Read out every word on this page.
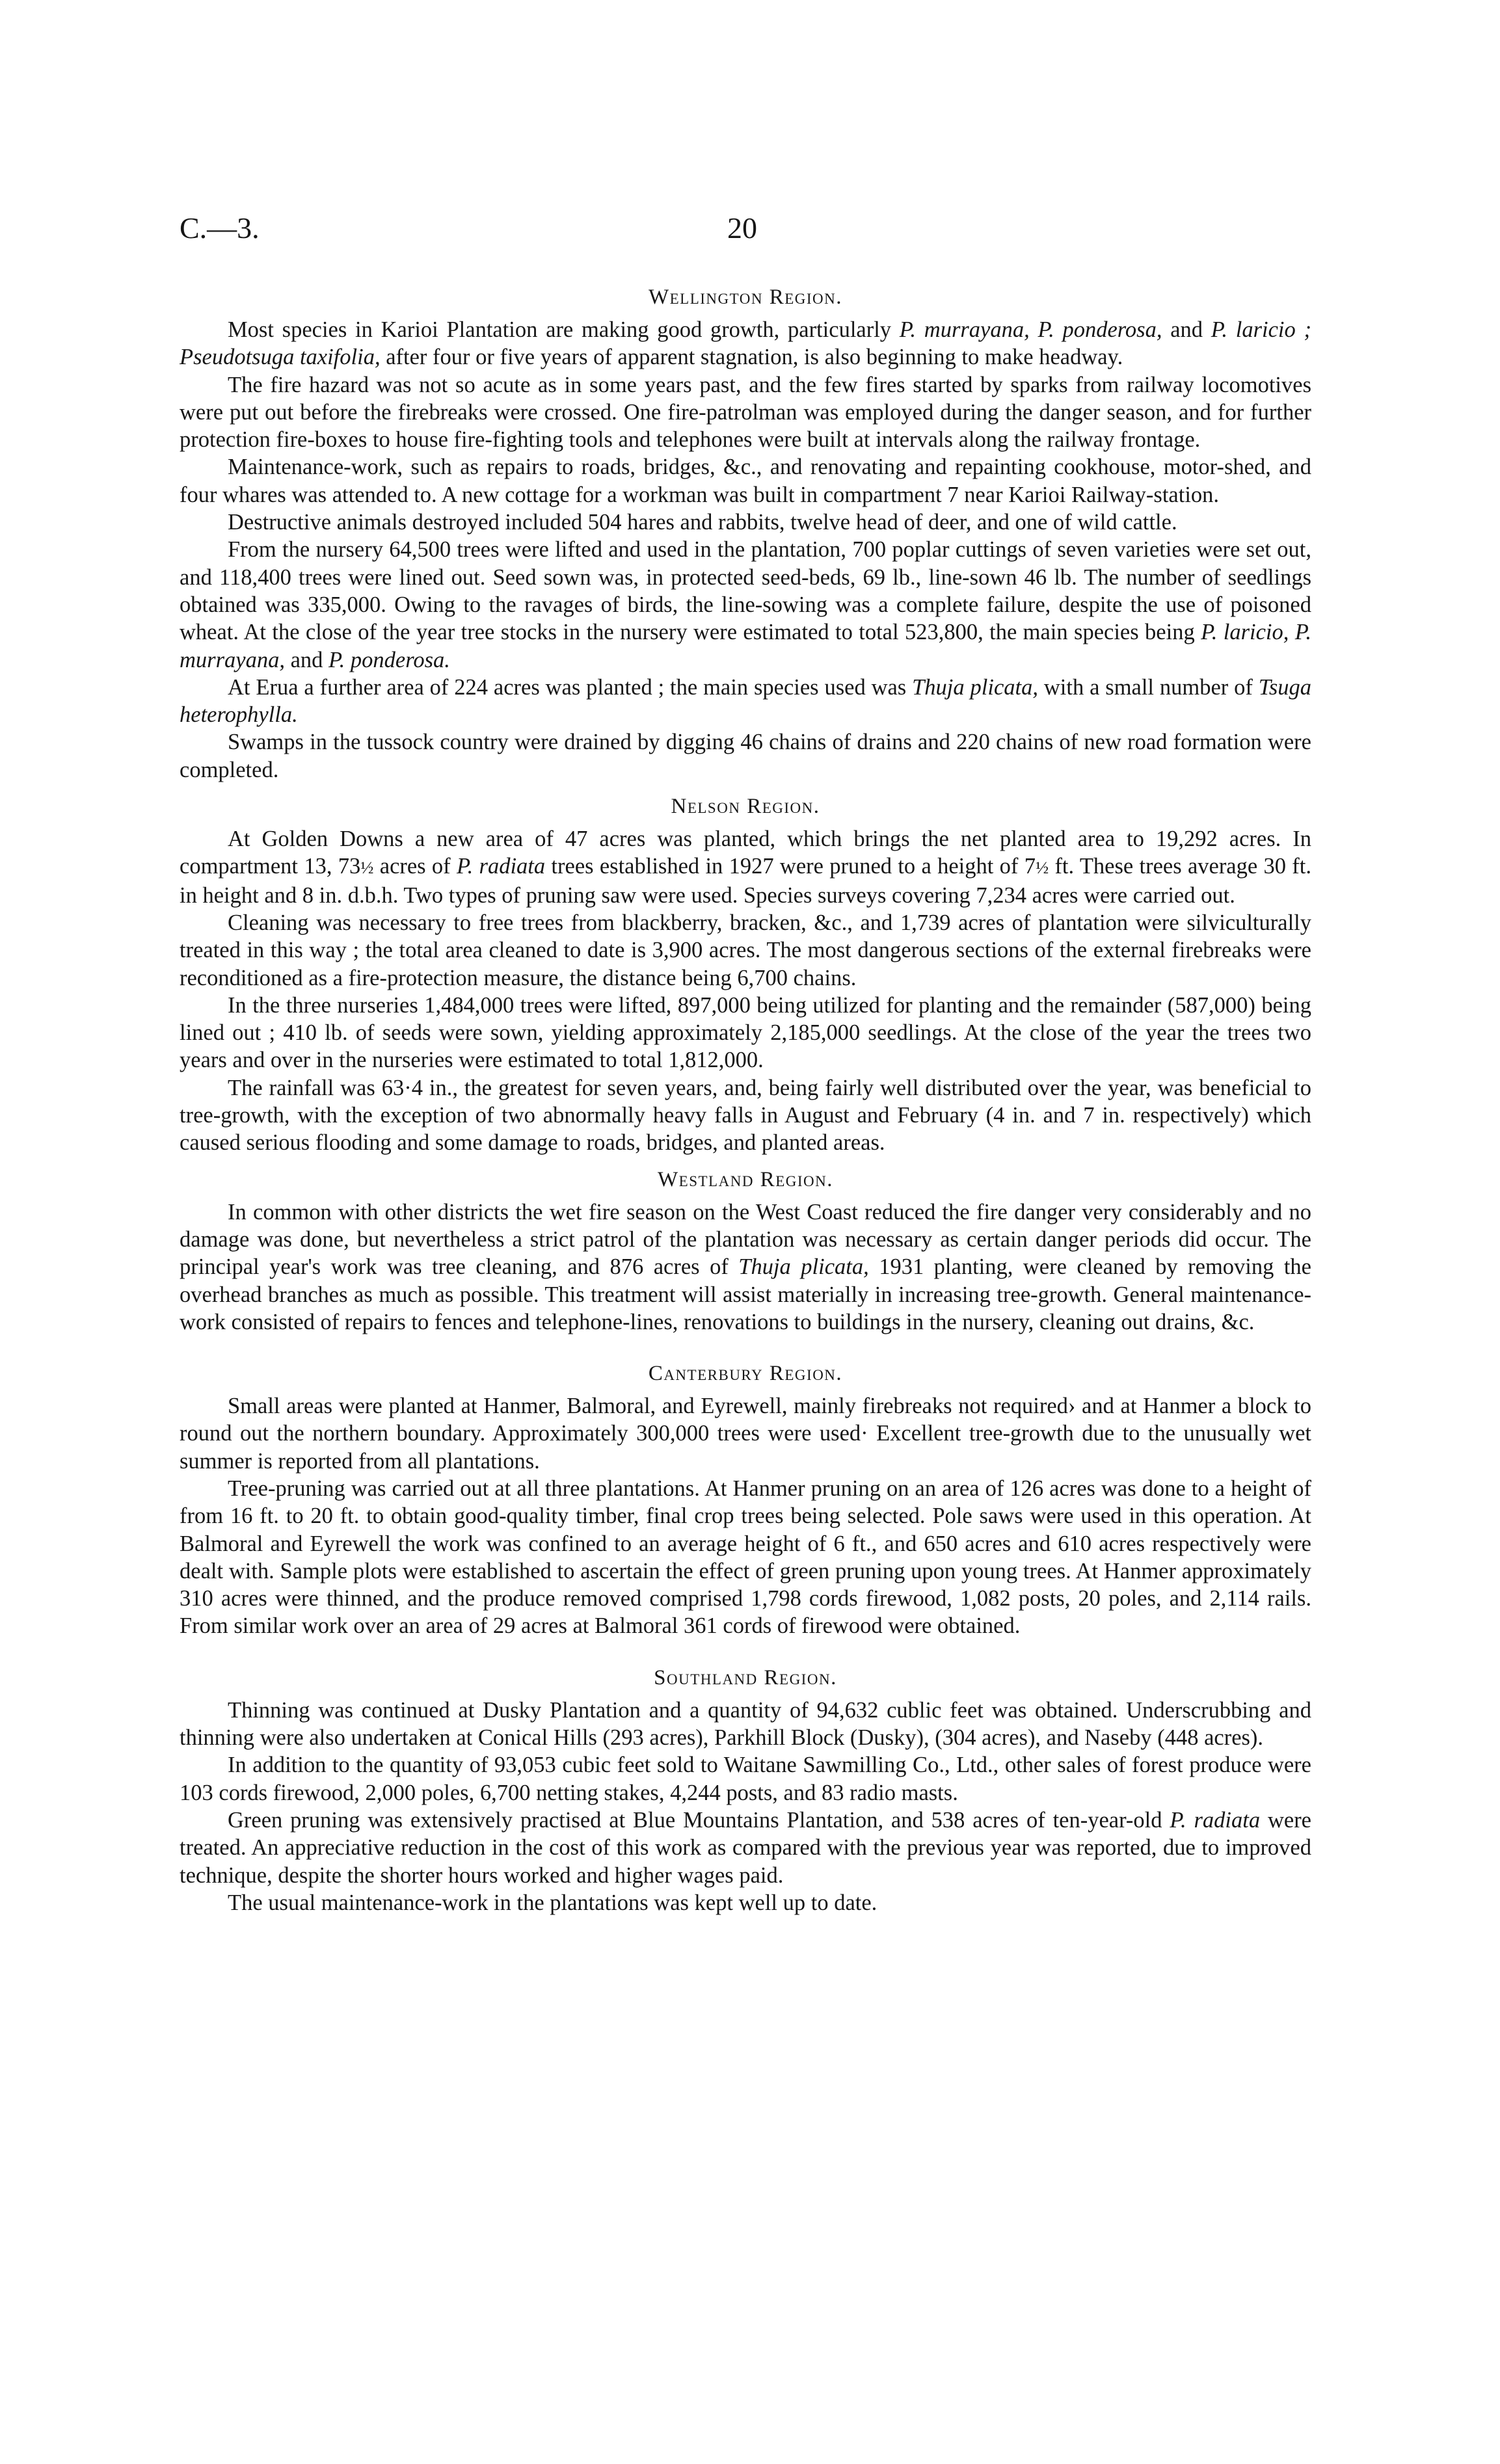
C.—3.	20
Wellington Region.

Most species in Karioi Plantation are making good growth, particularly P. murrayana, P. ponderosa, and P. laricio ; Pseudotsuga taxifolia, after four or five years of apparent stagnation, is also beginning to make headway.

The fire hazard was not so acute as in some years past, and the few fires started by sparks from railway locomotives were put out before the firebreaks were crossed. One fire-patrolman was employed during the danger season, and for further protection fire-boxes to house fire-fighting tools and telephones were built at intervals along the railway frontage.

Maintenance-work, such as repairs to roads, bridges, &c., and renovating and repainting cookhouse, motor-shed, and four whares was attended to. A new cottage for a workman was built in compartment 7 near Karioi Railway-station.

Destructive animals destroyed included 504 hares and rabbits, twelve head of deer, and one of wild cattle.

From the nursery 64,500 trees were lifted and used in the plantation, 700 poplar cuttings of seven varieties were set out, and 118,400 trees were lined out. Seed sown was, in protected seed-beds, 69 lb., line-sown 46 lb. The number of seedlings obtained was 335,000. Owing to the ravages of birds, the line-sowing was a complete failure, despite the use of poisoned wheat. At the close of the year tree stocks in the nursery were estimated to total 523,800, the main species being P. laricio, P. murrayana, and P. ponderosa.

At Erua a further area of 224 acres was planted ; the main species used was Thuja plicata, with a small number of Tsuga heterophylla.

Swamps in the tussock country were drained by digging 46 chains of drains and 220 chains of new road formation were completed.

Nelson Region.

At Golden Downs a new area of 47 acres was planted, which brings the net planted area to 19,292 acres. In compartment 13, 73½ acres of P. radiata trees established in 1927 were pruned to a height of 7½ ft. These trees average 30 ft. in height and 8 in. d.b.h. Two types of pruning saw were used. Species surveys covering 7,234 acres were carried out.

Cleaning was necessary to free trees from blackberry, bracken, &c., and 1,739 acres of plantation were silviculturally treated in this way ; the total area cleaned to date is 3,900 acres. The most dangerous sections of the external firebreaks were reconditioned as a fire-protection measure, the distance being 6,700 chains.

In the three nurseries 1,484,000 trees were lifted, 897,000 being utilized for planting and the remainder (587,000) being lined out ; 410 lb. of seeds were sown, yielding approximately 2,185,000 seedlings. At the close of the year the trees two years and over in the nurseries were estimated to total 1,812,000.

The rainfall was 63·4 in., the greatest for seven years, and, being fairly well distributed over the year, was beneficial to tree-growth, with the exception of two abnormally heavy falls in August and February (4 in. and 7 in. respectively) which caused serious flooding and some damage to roads, bridges, and planted areas.

Westland Region.

In common with other districts the wet fire season on the West Coast reduced the fire danger very considerably and no damage was done, but nevertheless a strict patrol of the plantation was necessary as certain danger periods did occur. The principal year's work was tree cleaning, and 876 acres of Thuja plicata, 1931 planting, were cleaned by removing the overhead branches as much as possible. This treatment will assist materially in increasing tree-growth. General maintenance-work consisted of repairs to fences and telephone-lines, renovations to buildings in the nursery, cleaning out drains, &c.

Canterbury Region.

Small areas were planted at Hanmer, Balmoral, and Eyrewell, mainly firebreaks not required› and at Hanmer a block to round out the northern boundary. Approximately 300,000 trees were used· Excellent tree-growth due to the unusually wet summer is reported from all plantations.

Tree-pruning was carried out at all three plantations. At Hanmer pruning on an area of 126 acres was done to a height of from 16 ft. to 20 ft. to obtain good-quality timber, final crop trees being selected. Pole saws were used in this operation. At Balmoral and Eyrewell the work was confined to an average height of 6 ft., and 650 acres and 610 acres respectively were dealt with. Sample plots were established to ascertain the effect of green pruning upon young trees. At Hanmer approximately 310 acres were thinned, and the produce removed comprised 1,798 cords firewood, 1,082 posts, 20 poles, and 2,114 rails. From similar work over an area of 29 acres at Balmoral 361 cords of firewood were obtained.

Southland Region.

Thinning was continued at Dusky Plantation and a quantity of 94,632 cublic feet was obtained. Underscrubbing and thinning were also undertaken at Conical Hills (293 acres), Parkhill Block (Dusky), (304 acres), and Naseby (448 acres).

In addition to the quantity of 93,053 cubic feet sold to Waitane Sawmilling Co., Ltd., other sales of forest produce were 103 cords firewood, 2,000 poles, 6,700 netting stakes, 4,244 posts, and 83 radio masts.

Green pruning was extensively practised at Blue Mountains Plantation, and 538 acres of ten-year-old P. radiata were treated. An appreciative reduction in the cost of this work as compared with the previous year was reported, due to improved technique, despite the shorter hours worked and higher wages paid.

The usual maintenance-work in the plantations was kept well up to date.
